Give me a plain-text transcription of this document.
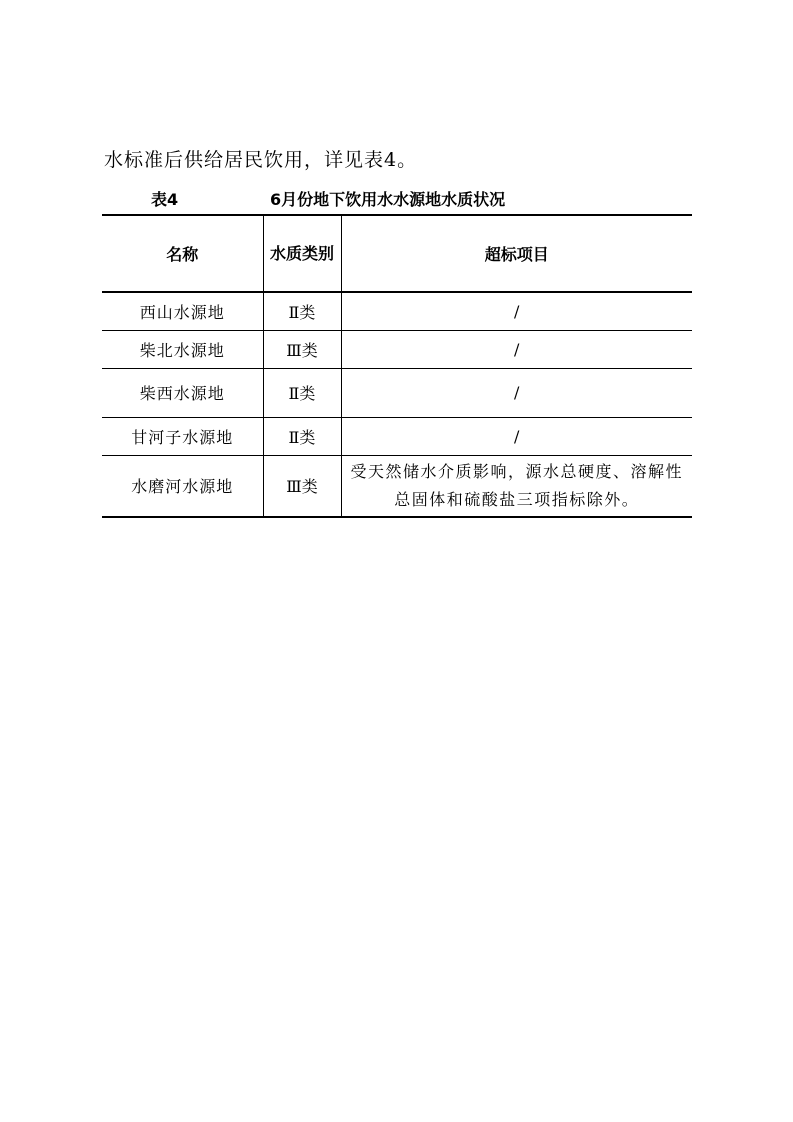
水标准后供给居民饮用，详见表4。
表4	6月份地下饮用水水源地水质状况
名称	水质类别	超标项目
西山水源地	Ⅱ类	/
柴北水源地	Ⅲ类	/
柴西水源地	Ⅱ类	/
甘河子水源地	Ⅱ类	/
水磨河水源地	Ⅲ类	受天然储水介质影响，源水总硬度、溶解性总固体和硫酸盐三项指标除外。
